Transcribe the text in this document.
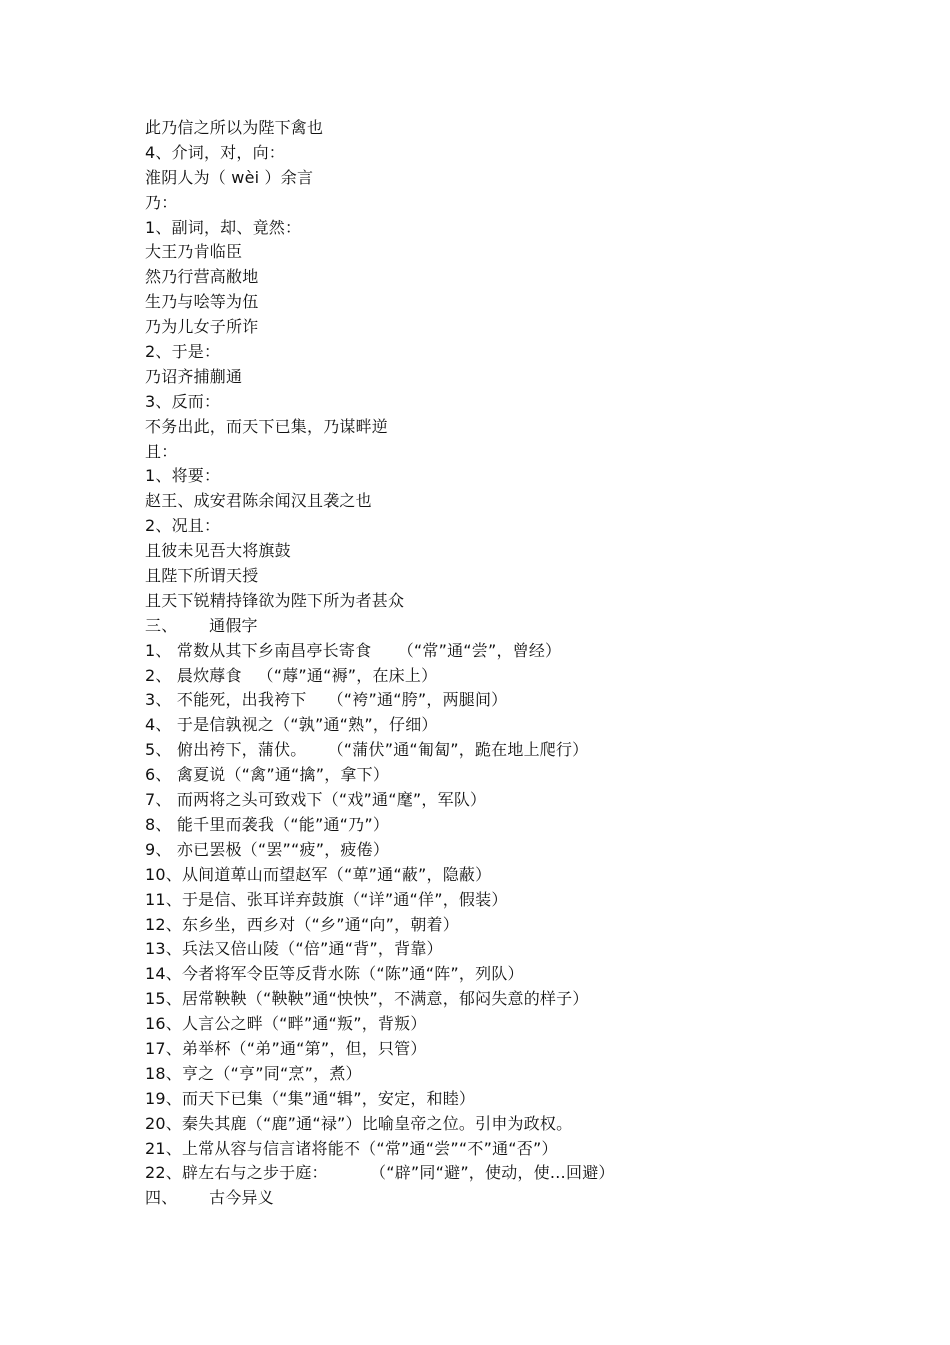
此乃信之所以为陛下禽也
4、介词，对，向：
淮阴人为（ wèi ）余言
乃：
1、副词，却、竟然：
大王乃肯临臣
然乃行营高敝地
生乃与哙等为伍
乃为儿女子所诈
2、于是：
乃诏齐捕蒯通
3、反而：
不务出此，而天下已集，乃谋畔逆
且：
1、将要：
赵王、成安君陈余闻汉且袭之也
2、况且：
且彼未见吾大将旗鼓
且陛下所谓天授
且天下锐精持锋欲为陛下所为者甚众
三、      通假字
1、 常数从其下乡南昌亭长寄食     （“常”通“尝”，曾经）
2、 晨炊蓐食   （“蓐”通“褥”，在床上）
3、 不能死，出我袴下    （“袴”通“胯”，两腿间）
4、 于是信孰视之（“孰”通“熟”，仔细）
5、 俯出袴下，蒲伏。    （“蒲伏”通“匍匐”，跪在地上爬行）
6、 禽夏说（“禽”通“擒”，拿下）
7、 而两将之头可致戏下（“戏”通“麾”，军队）
8、 能千里而袭我（“能”通“乃”）
9、 亦已罢极（“罢”“疲”，疲倦）
10、从间道萆山而望赵军（“萆”通“蔽”，隐蔽）
11、于是信、张耳详弃鼓旗（“详”通“佯”，假装）
12、东乡坐，西乡对（“乡”通“向”，朝着）
13、兵法又倍山陵（“倍”通“背”，背靠）
14、今者将军令臣等反背水陈（“陈”通“阵”，列队）
15、居常鞅鞅（“鞅鞅”通“怏怏”，不满意，郁闷失意的样子）
16、人言公之畔（“畔”通“叛”，背叛）
17、弟举杯（“弟”通“第”，但，只管）
18、亨之（“亨”同“烹”，煮）
19、而天下已集（“集”通“辑”，安定，和睦）
20、秦失其鹿（“鹿”通“禄”）比喻皇帝之位。引申为政权。
21、上常从容与信言诸将能不（“常”通“尝”“不”通“否”）
22、辟左右与之步于庭：        （“辟”同“避”，使动，使…回避）
四、      古今异义
